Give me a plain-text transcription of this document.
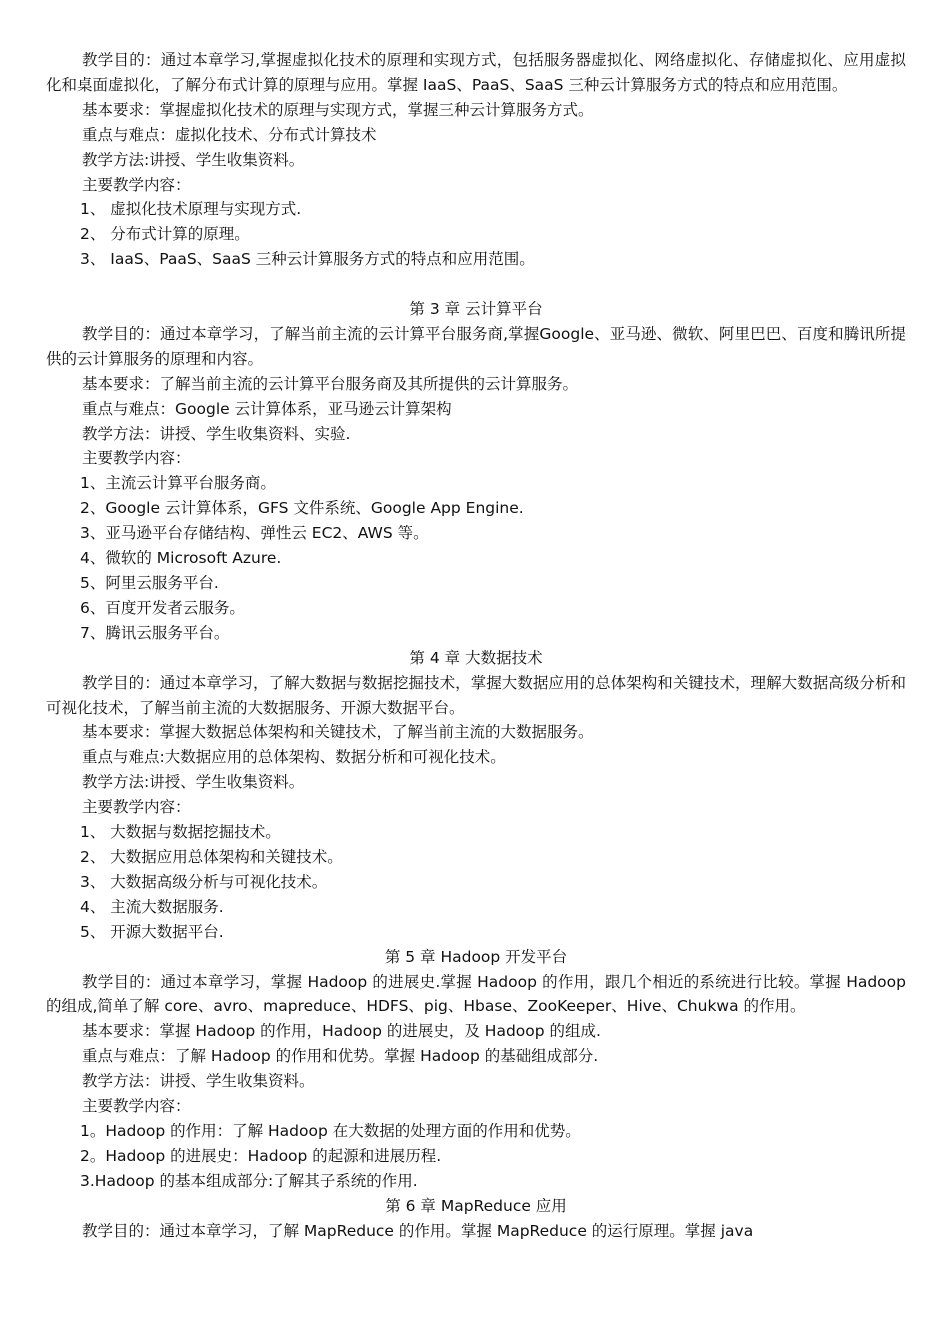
教学目的：通过本章学习,掌握虚拟化技术的原理和实现方式，包括服务器虚拟化、网络虚拟化、存储虚拟化、应用虚拟化和桌面虚拟化，了解分布式计算的原理与应用。掌握 IaaS、PaaS、SaaS 三种云计算服务方式的特点和应用范围。

基本要求：掌握虚拟化技术的原理与实现方式，掌握三种云计算服务方式。

重点与难点：虚拟化技术、分布式计算技术

教学方法:讲授、学生收集资料。

主要教学内容：

1、 虚拟化技术原理与实现方式.

2、 分布式计算的原理。

3、 IaaS、PaaS、SaaS 三种云计算服务方式的特点和应用范围。

第 3 章 云计算平台

教学目的：通过本章学习，了解当前主流的云计算平台服务商,掌握Google、亚马逊、微软、阿里巴巴、百度和腾讯所提供的云计算服务的原理和内容。

基本要求：了解当前主流的云计算平台服务商及其所提供的云计算服务。

重点与难点：Google 云计算体系，亚马逊云计算架构

教学方法：讲授、学生收集资料、实验.

主要教学内容：

1、主流云计算平台服务商。

2、Google 云计算体系，GFS 文件系统、Google App Engine.

3、亚马逊平台存储结构、弹性云 EC2、AWS 等。

4、微软的 Microsoft Azure.

5、阿里云服务平台.

6、百度开发者云服务。

7、腾讯云服务平台。

第 4 章 大数据技术

教学目的：通过本章学习，了解大数据与数据挖掘技术，掌握大数据应用的总体架构和关键技术，理解大数据高级分析和可视化技术，了解当前主流的大数据服务、开源大数据平台。

基本要求：掌握大数据总体架构和关键技术，了解当前主流的大数据服务。

重点与难点:大数据应用的总体架构、数据分析和可视化技术。

教学方法:讲授、学生收集资料。

主要教学内容：

1、 大数据与数据挖掘技术。

2、 大数据应用总体架构和关键技术。

3、 大数据高级分析与可视化技术。

4、 主流大数据服务.

5、 开源大数据平台.

第 5 章 Hadoop 开发平台

教学目的：通过本章学习，掌握 Hadoop 的进展史.掌握 Hadoop 的作用，跟几个相近的系统进行比较。掌握 Hadoop 的组成,简单了解 core、avro、mapreduce、HDFS、pig、Hbase、ZooKeeper、Hive、Chukwa 的作用。

基本要求：掌握 Hadoop 的作用，Hadoop 的进展史，及 Hadoop 的组成.

重点与难点：了解 Hadoop 的作用和优势。掌握 Hadoop 的基础组成部分.

教学方法：讲授、学生收集资料。

主要教学内容：

1。Hadoop 的作用：了解 Hadoop 在大数据的处理方面的作用和优势。

2。Hadoop 的进展史：Hadoop 的起源和进展历程.

3.Hadoop 的基本组成部分:了解其子系统的作用.

第 6 章 MapReduce 应用

教学目的：通过本章学习，了解 MapReduce 的作用。掌握 MapReduce 的运行原理。掌握 java
